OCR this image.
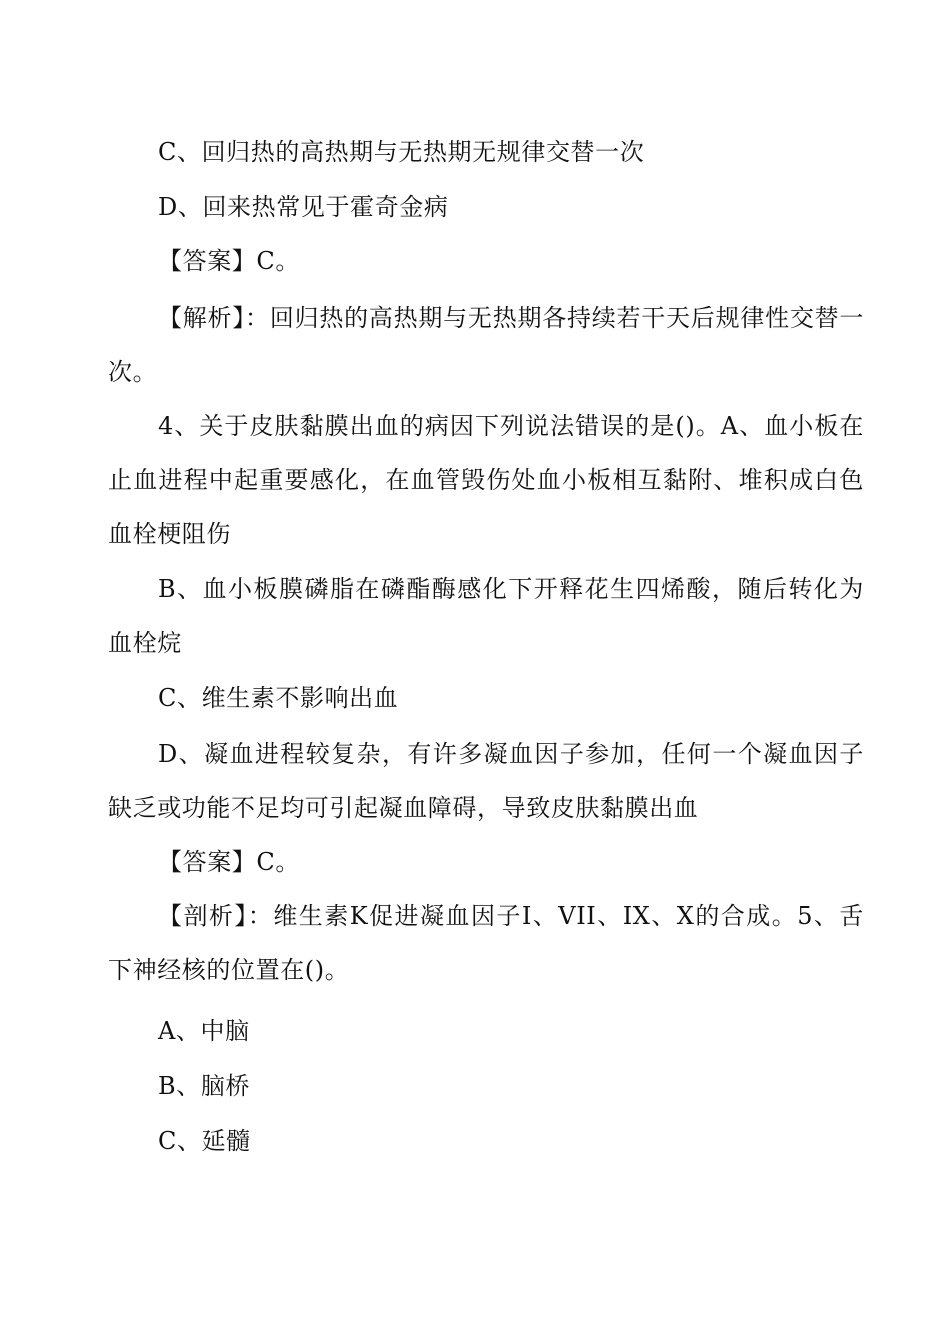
C、回归热的高热期与无热期无规律交替一次

D、回来热常见于霍奇金病

【答案】C。

【解析】：回归热的高热期与无热期各持续若干天后规律性交替一次。

4、关于皮肤黏膜出血的病因下列说法错误的是()。A、血小板在止血进程中起重要感化，在血管毁伤处血小板相互黏附、堆积成白色血栓梗阻伤

B、血小板膜磷脂在磷酯酶感化下开释花生四烯酸，随后转化为血栓烷

C、维生素不影响出血

D、凝血进程较复杂，有许多凝血因子参加，任何一个凝血因子缺乏或功能不足均可引起凝血障碍，导致皮肤黏膜出血

【答案】C。

【剖析】：维生素K促进凝血因子I、VII、IX、X的合成。5、舌下神经核的位置在()。

A、中脑

B、脑桥

C、延髓
